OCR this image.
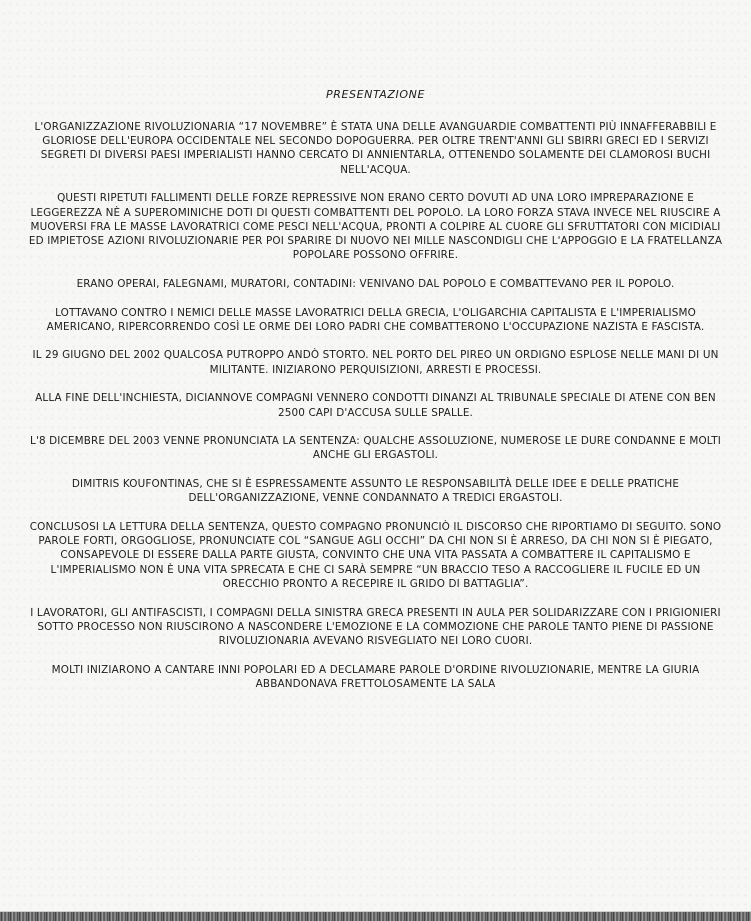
PRESENTAZIONE

L'ORGANIZZAZIONE RIVOLUZIONARIA “17 NOVEMBRE” È STATA UNA DELLE AVANGUARDIE COMBATTENTI PIÙ INNAFFERABBILI E GLORIOSE DELL'EUROPA OCCIDENTALE NEL SECONDO DOPOGUERRA. PER OLTRE TRENT'ANNI GLI SBIRRI GRECI ED I SERVIZI SEGRETI DI DIVERSI PAESI IMPERIALISTI HANNO CERCATO DI ANNIENTARLA, OTTENENDO SOLAMENTE DEI CLAMOROSI BUCHI NELL'ACQUA.

QUESTI RIPETUTI FALLIMENTI DELLE FORZE REPRESSIVE NON ERANO CERTO DOVUTI AD UNA LORO IMPREPARAZIONE E LEGGEREZZA NÈ A SUPEROMINICHE DOTI DI QUESTI COMBATTENTI DEL POPOLO. LA LORO FORZA STAVA INVECE NEL RIUSCIRE A MUOVERSI FRA LE MASSE LAVORATRICI COME PESCI NELL'ACQUA, PRONTI A COLPIRE AL CUORE GLI SFRUTTATORI CON MICIDIALI ED IMPIETOSE AZIONI RIVOLUZIONARIE PER POI SPARIRE DI NUOVO NEI MILLE NASCONDIGLI CHE L'APPOGGIO E LA FRATELLANZA POPOLARE POSSONO OFFRIRE.

ERANO OPERAI, FALEGNAMI, MURATORI, CONTADINI: VENIVANO DAL POPOLO E COMBATTEVANO PER IL POPOLO.

LOTTAVANO CONTRO I NEMICI DELLE MASSE LAVORATRICI DELLA GRECIA, L'OLIGARCHIA CAPITALISTA E L'IMPERIALISMO AMERICANO, RIPERCORRENDO COSÌ LE ORME DEI LORO PADRI CHE COMBATTERONO L'OCCUPAZIONE NAZISTA E FASCISTA.

IL 29 GIUGNO DEL 2002 QUALCOSA PUTROPPO ANDÒ STORTO. NEL PORTO DEL PIREO UN ORDIGNO ESPLOSE NELLE MANI DI UN MILITANTE. INIZIARONO PERQUISIZIONI, ARRESTI E PROCESSI.

ALLA FINE DELL'INCHIESTA, DICIANNOVE COMPAGNI VENNERO CONDOTTI DINANZI AL TRIBUNALE SPECIALE DI ATENE CON BEN 2500 CAPI D'ACCUSA SULLE SPALLE.

L'8 DICEMBRE DEL 2003 VENNE PRONUNCIATA LA SENTENZA: QUALCHE ASSOLUZIONE, NUMEROSE LE DURE CONDANNE E MOLTI ANCHE GLI ERGASTOLI.

DIMITRIS KOUFONTINAS, CHE SI È ESPRESSAMENTE ASSUNTO LE RESPONSABILITÀ DELLE IDEE E DELLE PRATICHE DELL'ORGANIZZAZIONE, VENNE CONDANNATO A TREDICI ERGASTOLI.

CONCLUSOSI LA LETTURA DELLA SENTENZA, QUESTO COMPAGNO PRONUNCIÒ IL DISCORSO CHE RIPORTIAMO DI SEGUITO. SONO PAROLE FORTI, ORGOGLIOSE, PRONUNCIATE COL “SANGUE AGLI OCCHI” DA CHI NON SI È ARRESO, DA CHI NON SI È PIEGATO, CONSAPEVOLE DI ESSERE DALLA PARTE GIUSTA, CONVINTO CHE UNA VITA PASSATA A COMBATTERE IL CAPITALISMO E L'IMPERIALISMO NON È UNA VITA SPRECATA E CHE CI SARÀ SEMPRE “UN BRACCIO TESO A RACCOGLIERE IL FUCILE ED UN ORECCHIO PRONTO A RECEPIRE IL GRIDO DI BATTAGLIA”.

I LAVORATORI, GLI ANTIFASCISTI, I COMPAGNI DELLA SINISTRA GRECA PRESENTI IN AULA PER SOLIDARIZZARE CON I PRIGIONIERI SOTTO PROCESSO NON RIUSCIRONO A NASCONDERE L'EMOZIONE E LA COMMOZIONE CHE PAROLE TANTO PIENE DI PASSIONE RIVOLUZIONARIA AVEVANO RISVEGLIATO NEI LORO CUORI.

MOLTI INIZIARONO A CANTARE INNI POPOLARI ED A DECLAMARE PAROLE D'ORDINE RIVOLUZIONARIE, MENTRE LA GIURIA ABBANDONAVA FRETTOLOSAMENTE LA SALA
